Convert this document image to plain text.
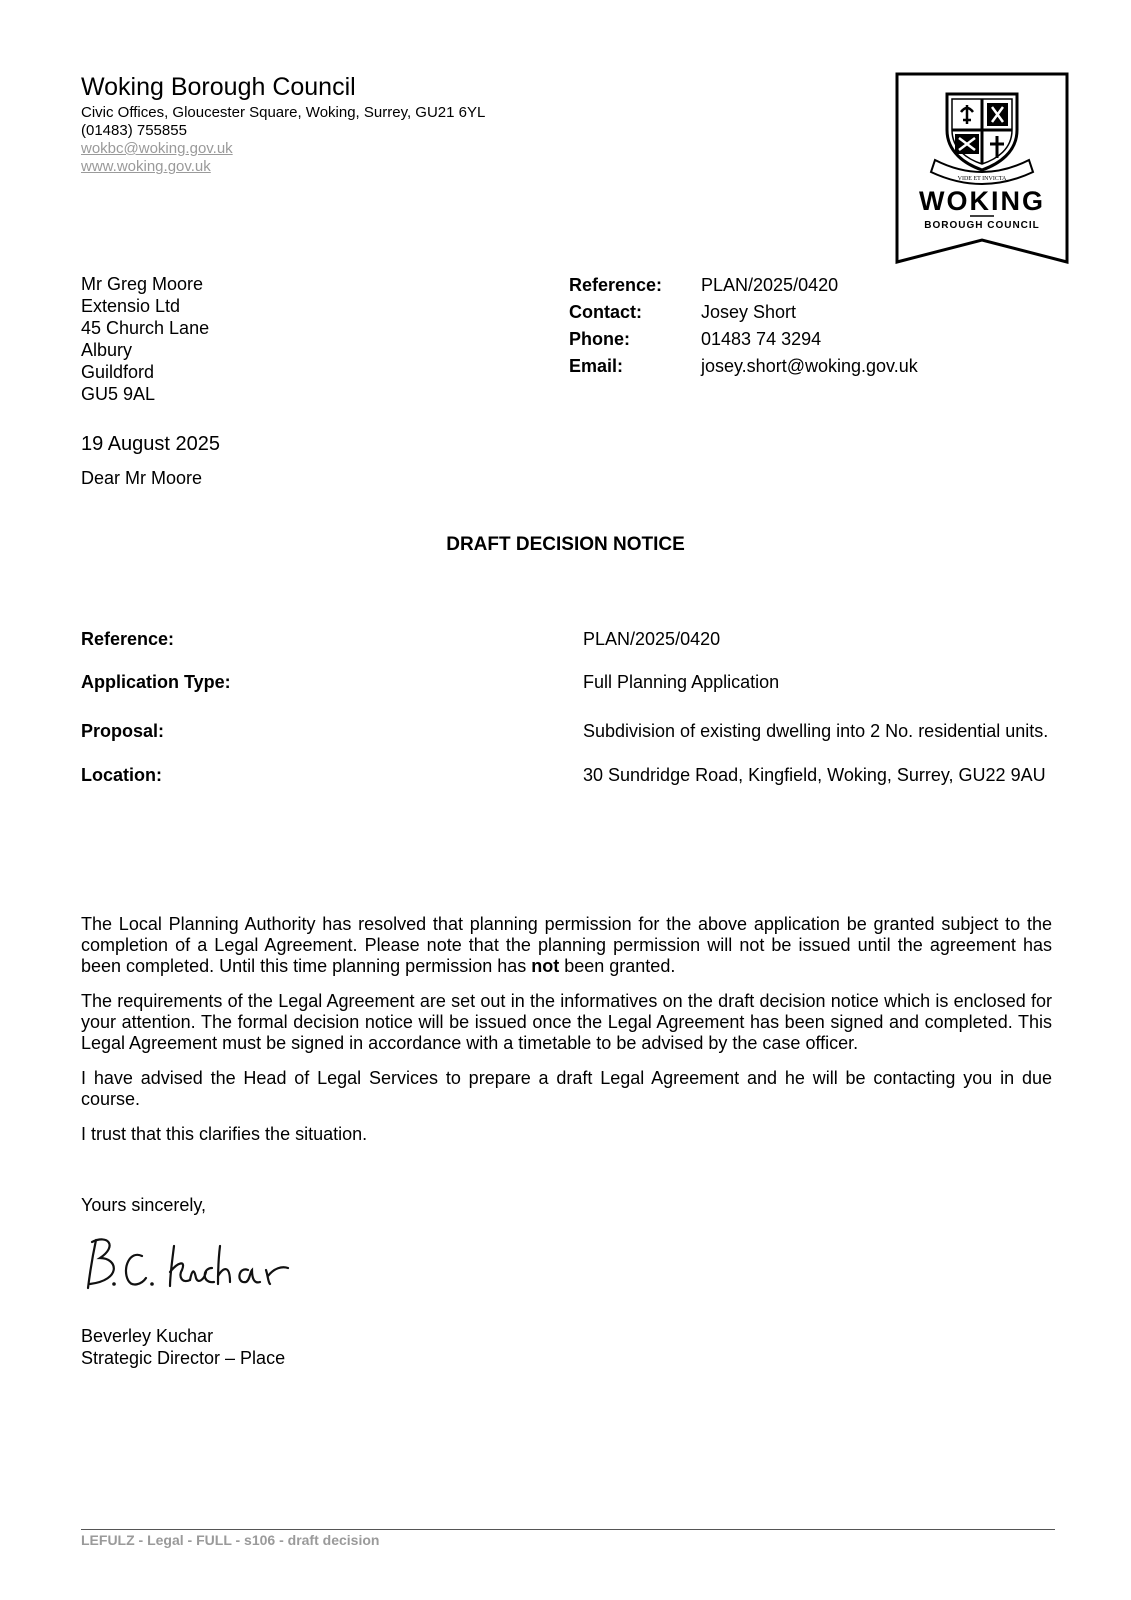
Woking Borough Council
Civic Offices, Gloucester Square, Woking, Surrey, GU21 6YL
(01483) 755855
wokbc@woking.gov.uk
www.woking.gov.uk
VIDE ET INVICTA
WOKING
BOROUGH COUNCIL
Mr Greg Moore
Extensio Ltd
45 Church Lane
Albury
Guildford
GU5 9AL
Reference:	PLAN/2025/0420
Contact:	Josey Short
Phone:	01483 74 3294
Email:	josey.short@woking.gov.uk
19 August 2025
Dear Mr Moore
DRAFT DECISION NOTICE
Reference:	PLAN/2025/0420
Application Type:	Full Planning Application
Proposal:	Subdivision of existing dwelling into 2 No. residential units.
Location:	30 Sundridge Road, Kingfield, Woking, Surrey, GU22 9AU

The Local Planning Authority has resolved that planning permission for the above application be granted subject to the completion of a Legal Agreement. Please note that the planning permission will not be issued until the agreement has been completed. Until this time planning permission has not been granted.

The requirements of the Legal Agreement are set out in the informatives on the draft decision notice which is enclosed for your attention. The formal decision notice will be issued once the Legal Agreement has been signed and completed. This Legal Agreement must be signed in accordance with a timetable to be advised by the case officer.

I have advised the Head of Legal Services to prepare a draft Legal Agreement and he will be contacting you in due course.

I trust that this clarifies the situation.

Yours sincerely,
Beverley Kuchar
Strategic Director – Place
LEFULZ - Legal - FULL - s106 - draft decision
